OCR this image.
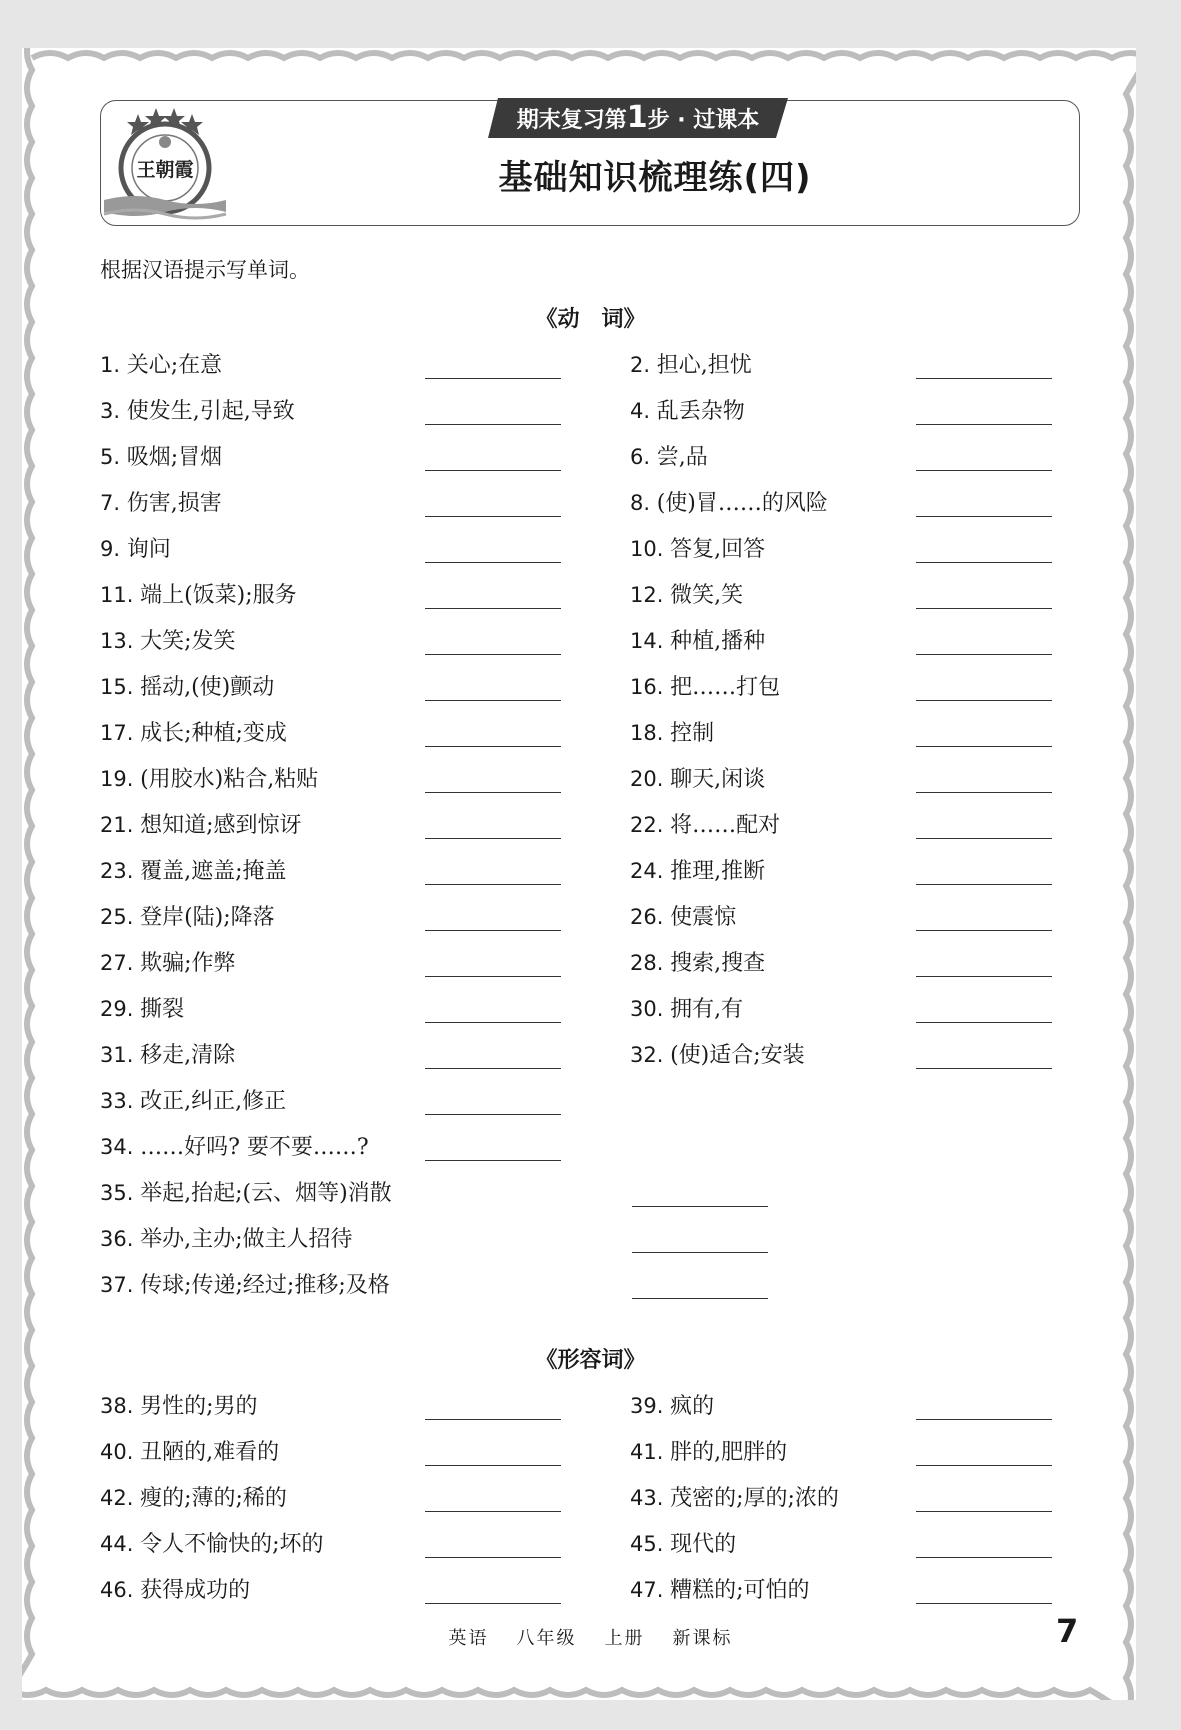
王朝霞
期末复习第1步 · 过课本
基础知识梳理练(四)
根据汉语提示写单词。
《动　词》
《形容词》
1. 关心;在意	2. 担心,担忧
3. 使发生,引起,导致	4. 乱丢杂物
5. 吸烟;冒烟	6. 尝,品
7. 伤害,损害	8. (使)冒……的风险
9. 询问	10. 答复,回答
11. 端上(饭菜);服务	12. 微笑,笑
13. 大笑;发笑	14. 种植,播种
15. 摇动,(使)颤动	16. 把……打包
17. 成长;种植;变成	18. 控制
19. (用胶水)粘合,粘贴	20. 聊天,闲谈
21. 想知道;感到惊讶	22. 将……配对
23. 覆盖,遮盖;掩盖	24. 推理,推断
25. 登岸(陆);降落	26. 使震惊
27. 欺骗;作弊	28. 搜索,搜查
29. 撕裂	30. 拥有,有
31. 移走,清除	32. (使)适合;安装
33. 改正,纠正,修正
34. ……好吗? 要不要……?
35. 举起,抬起;(云、烟等)消散
36. 举办,主办;做主人招待
37. 传球;传递;经过;推移;及格
38. 男性的;男的	39. 疯的
40. 丑陋的,难看的	41. 胖的,肥胖的
42. 瘦的;薄的;稀的	43. 茂密的;厚的;浓的
44. 令人不愉快的;坏的	45. 现代的
46. 获得成功的	47. 糟糕的;可怕的
英语 八年级 上册 新课标	7
